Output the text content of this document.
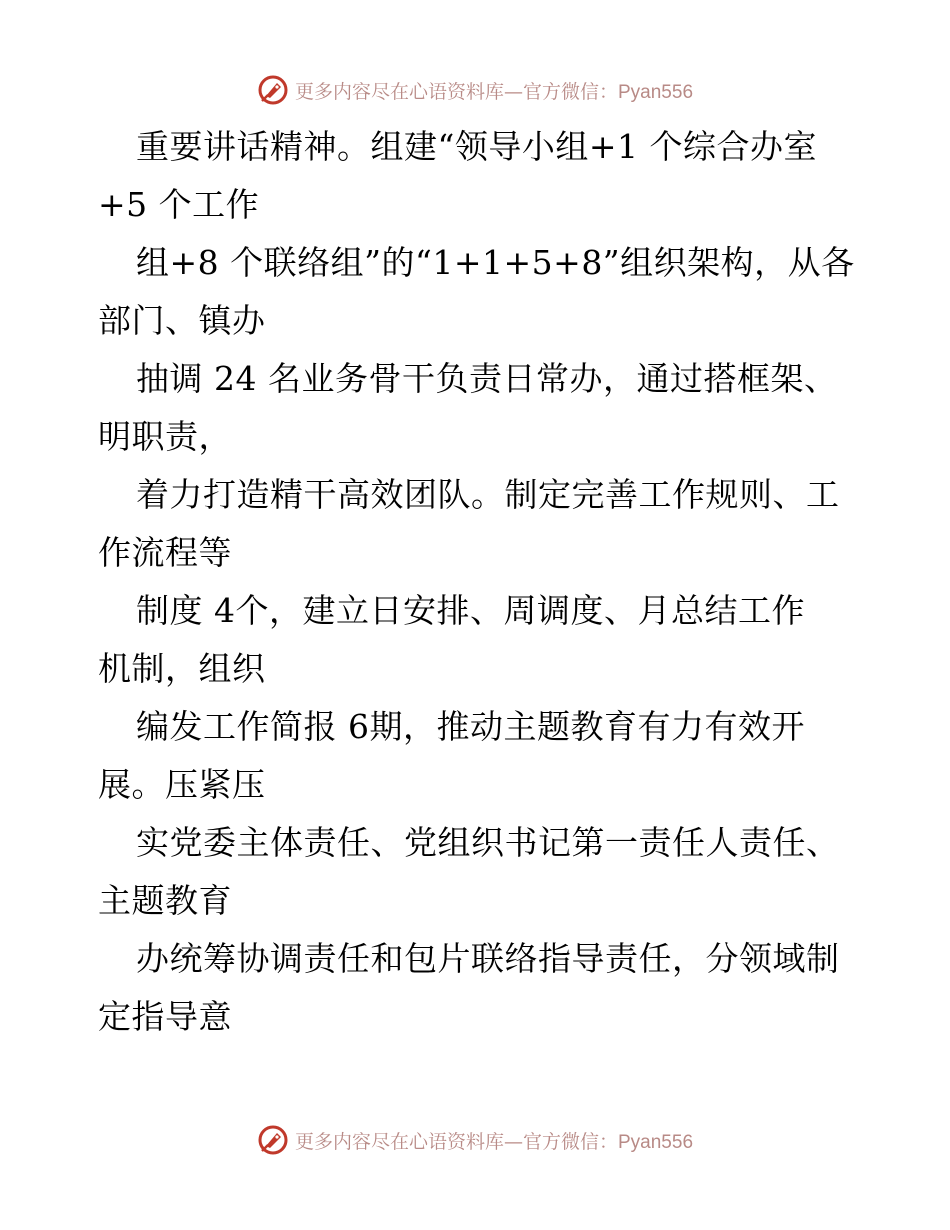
更多内容尽在心语资料库—官方微信：Pyan556
重要讲话精神。组建“领导小组+1 个综合办室
+5 个工作
组+8 个联络组”的“1+1+5+8”组织架构，从各
部门、镇办
抽调 24 名业务骨干负责日常办，通过搭框架、
明职责，
着力打造精干高效团队。制定完善工作规则、工
作流程等
制度 4个，建立日安排、周调度、月总结工作
机制，组织
编发工作简报 6期，推动主题教育有力有效开
展。压紧压
实党委主体责任、党组织书记第一责任人责任、
主题教育
办统筹协调责任和包片联络指导责任，分领域制
定指导意
更多内容尽在心语资料库—官方微信：Pyan556
